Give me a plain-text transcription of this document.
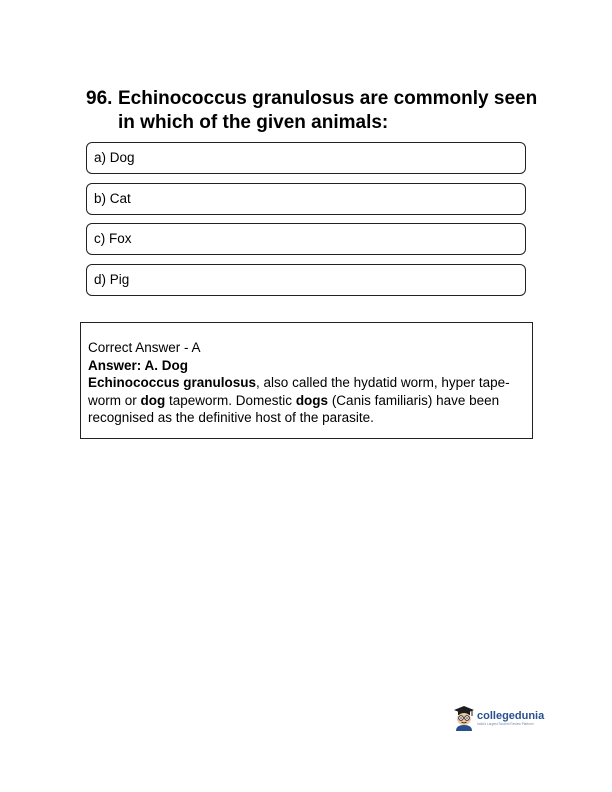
96. Echinococcus granulosus are commonly seen in which of the given animals:
a) Dog
b) Cat
c) Fox
d) Pig

Correct Answer - A

Answer: A. Dog

Echinococcus granulosus, also called the hydatid worm, hyper tape-worm or dog tapeworm. Domestic dogs (Canis familiaris) have been recognised as the definitive host of the parasite.

collegedunia
India's Largest Student Review Platform
